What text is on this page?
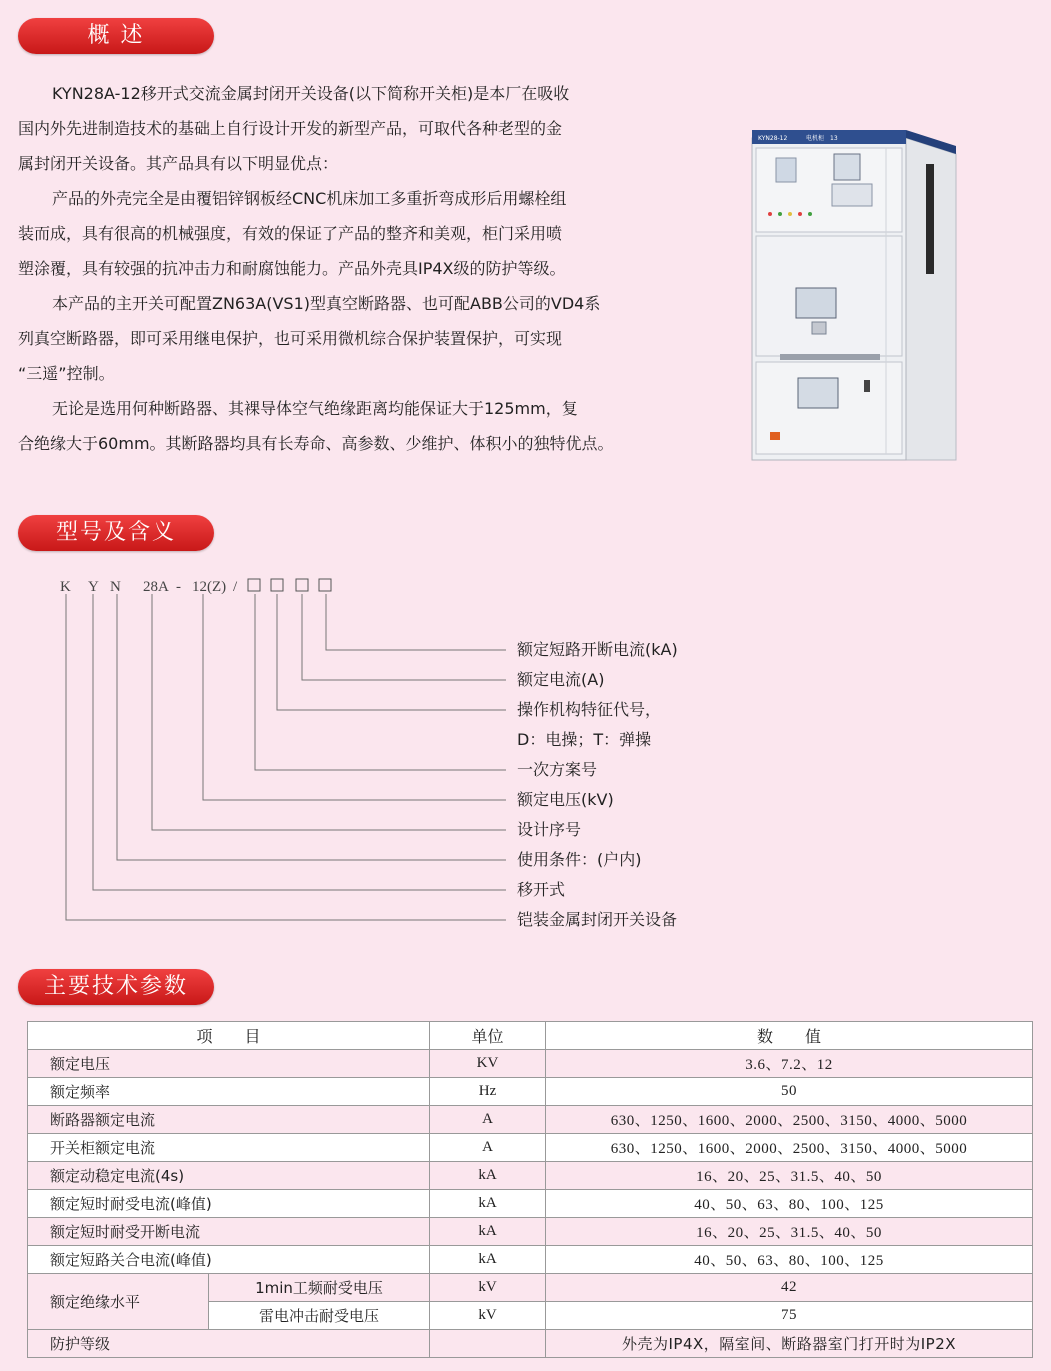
概 述

KYN28A-12移开式交流金属封闭开关设备(以下简称开关柜)是本厂在吸收

国内外先进制造技术的基础上自行设计开发的新型产品，可取代各种老型的金

属封闭开关设备。其产品具有以下明显优点：

产品的外壳完全是由覆铝锌钢板经CNC机床加工多重折弯成形后用螺栓组

装而成，具有很高的机械强度，有效的保证了产品的整齐和美观，柜门采用喷

塑涂覆，具有较强的抗冲击力和耐腐蚀能力。产品外壳具IP4X级的防护等级。

本产品的主开关可配置ZN63A(VS1)型真空断路器、也可配ABB公司的VD4系

列真空断路器，即可采用继电保护，也可采用微机综合保护装置保护，可实现

“三遥”控制。

无论是选用何种断路器、其裸导体空气绝缘距离均能保证大于125mm，复

合绝缘大于60mm。其断路器均具有长寿命、高参数、少维护、体积小的独特优点。

KYN28-12	电机柜 13
型号及含义
K Y N 28A - 12(Z) /
额定短路开断电流(kA)
额定电流(A)
操作机构特征代号，
D：电操；T：弹操
一次方案号
额定电压(kV)
设计序号
使用条件：(户内)
移开式
铠装金属封闭开关设备
主要技术参数
项　　目		单位	数　　值
额定电压		KV	3.6、7.2、12
额定频率		Hz	50
断路器额定电流		A	630、1250、1600、2000、2500、3150、4000、5000
开关柜额定电流		A	630、1250、1600、2000、2500、3150、4000、5000
额定动稳定电流(4s)		kA	16、20、25、31.5、40、50
额定短时耐受电流(峰值)		kA	40、50、63、80、100、125
额定短时耐受开断电流		kA	16、20、25、31.5、40、50
额定短路关合电流(峰值)		kA	40、50、63、80、100、125
额定绝缘水平	1min工频耐受电压	kV	42
	雷电冲击耐受电压	kV	75
防护等级			外壳为IP4X，隔室间、断路器室门打开时为IP2X
